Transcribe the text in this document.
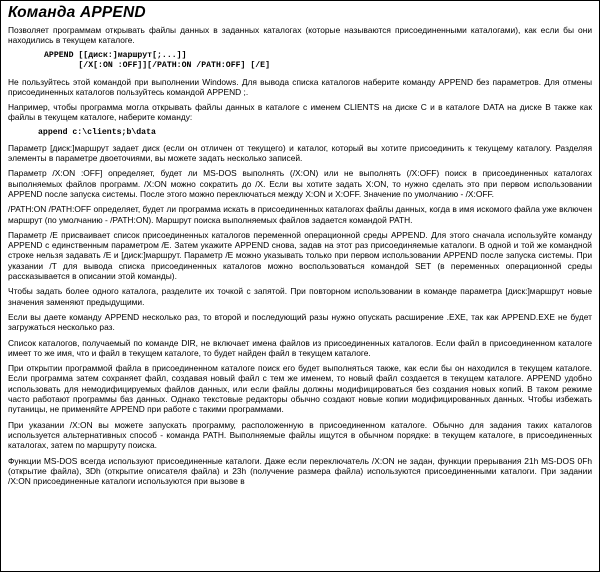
Команда APPEND

Позволяет программам открывать файлы данных в заданных каталогах (которые называются присоединенными каталогами), как если бы они находились в текущем каталоге.

APPEND [[диск:]маршрут[;...]]
[/X[:ON :OFF]][/PATH:ON /PATH:OFF] [/E]

Не пользуйтесь этой командой при выполнении Windows. Для вывода списка каталогов наберите команду APPEND без параметров. Для отмены присоединенных каталогов пользуйтесь командой APPEND ;.

Например, чтобы программа могла открывать файлы данных в каталоге с именем CLIENTS на диске C и в каталоге DATA на диске B также как файлы в текущем каталоге, наберите команду:

append c:\clients;b\data

Параметр [диск:]маршрут задает диск (если он отличен от текущего) и каталог, который вы хотите присоединить к текущему каталогу. Разделяя элементы в параметре двоеточиями, вы можете задать несколько записей.

Параметр /X:ON :OFF] определяет, будет ли MS-DOS выполнять (/X:ON) или не выполнять (/X:OFF) поиск в присоединенных каталогах выполняемых файлов программ. /X:ON можно сократить до /X. Если вы хотите задать X:ON, то нужно сделать это при первом использовании APPEND после запуска системы. После этого можно переключаться между X:ON и X:OFF. Значение по умолчанию - /X:OFF.

/PATH:ON /PATH:OFF определяет, будет ли программа искать в присоединенных каталогах файлы данных, когда в имя искомого файла уже включен маршрут (по умолчанию - /PATH:ON). Маршрут поиска выполняемых файлов задается командой PATH.

Параметр /E присваивает список присоединенных каталогов переменной операционной среды APPEND. Для этого сначала используйте команду APPEND с единственным параметром /E. Затем укажите APPEND снова, задав на этот раз присоединяемые каталоги. В одной и той же командной строке нельзя задавать /E и [диск:]маршрут. Параметр /E можно указывать только при первом использовании APPEND после запуска системы. При указании /T для вывода списка присоединенных каталогов можно воспользоваться командой SET (в переменных операционной среды рассказывается в описании этой команды).

Чтобы задать более одного каталога, разделите их точкой с запятой. При повторном использовании в команде параметра [диск:]маршрут новые значения заменяют предыдущими.

Если вы даете команду APPEND несколько раз, то второй и последующий разы нужно опускать расширение .EXE, так как APPEND.EXE не будет загружаться несколько раз.

Список каталогов, получаемый по команде DIR, не включает имена файлов из присоединенных каталогов. Если файл в присоединенном каталоге имеет то же имя, что и файл в текущем каталоге, то будет найден файл в текущем каталоге.

При открытии программой файла в присоединенном каталоге поиск его будет выполняться также, как если бы он находился в текущем каталоге. Если программа затем сохраняет файл, создавая новый файл с тем же именем, то новый файл создается в текущем каталоге. APPEND удобно использовать для немодифицируемых файлов данных, или если файлы должны модифицироваться без создания новых копий. В таком режиме часто работают программы баз данных. Однако текстовые редакторы обычно создают новые копии модифицированных данных. Чтобы избежать путаницы, не применяйте APPEND при работе с такими программами.

При указании /X:ON вы можете запускать программу, расположенную в присоединенном каталоге. Обычно для задания таких каталогов используется альтернативных способ - команда PATH. Выполняемые файлы ищутся в обычном порядке: в текущем каталоге, в присоединенных каталогах, затем по маршруту поиска.

Функции MS-DOS всегда используют присоединенные каталоги. Даже если переключатель /X:ON не задан, функции прерывания 21h MS-DOS 0Fh (открытие файла), 3Dh (открытие описателя файла) и 23h (получение размера файла) используются присоединенными каталоги. При задании /X:ON присоединенные каталоги используются при вызове в
